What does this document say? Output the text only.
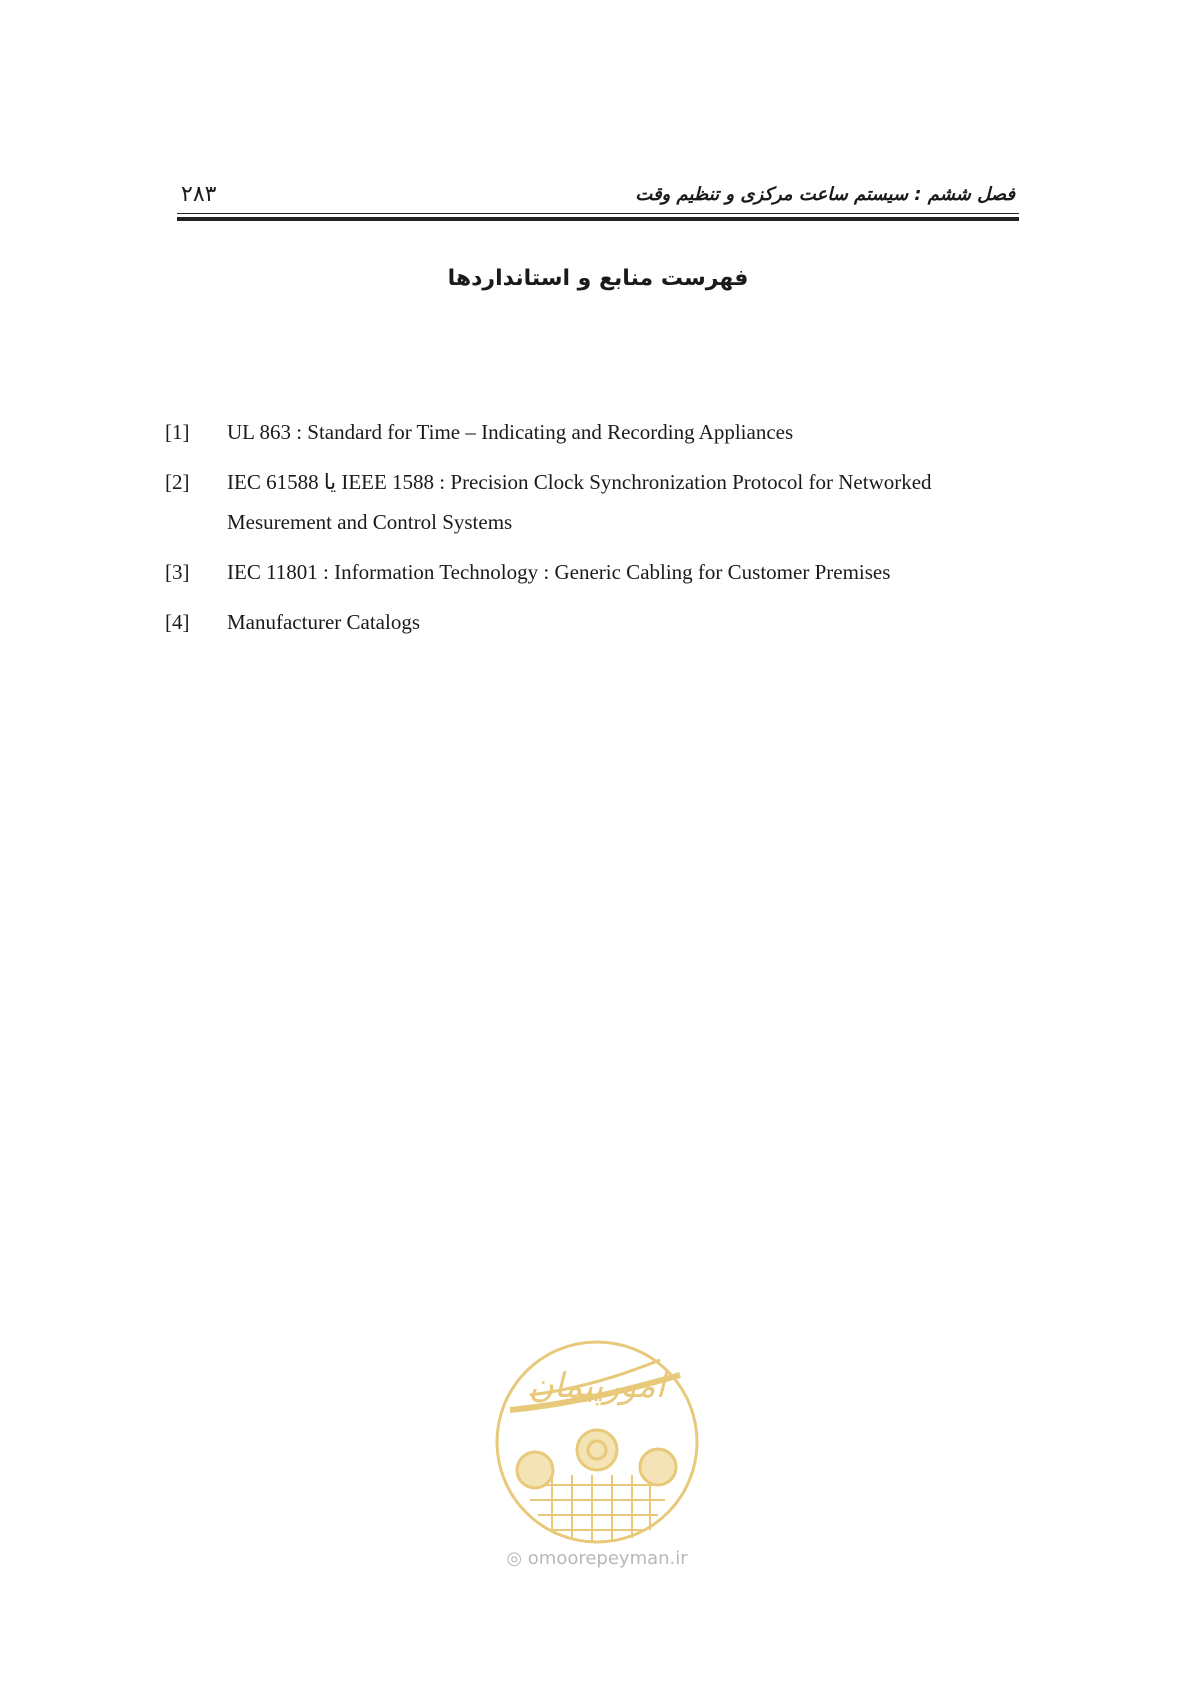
۲۸۳	فصل ششم : سیستم ساعت مرکزی و تنظیم وقت
فهرست منابع و استانداردها
[1] UL 863 : Standard for Time – Indicating and Recording Appliances
[2] IEC 61588 یا IEEE 1588 : Precision Clock Synchronization Protocol for Networked Mesurement and Control Systems
[3] IEC 11801 : Information Technology : Generic Cabling for Customer Premises
[4] Manufacturer Catalogs
امورپیمان
◎ omoorepeyman.ir
